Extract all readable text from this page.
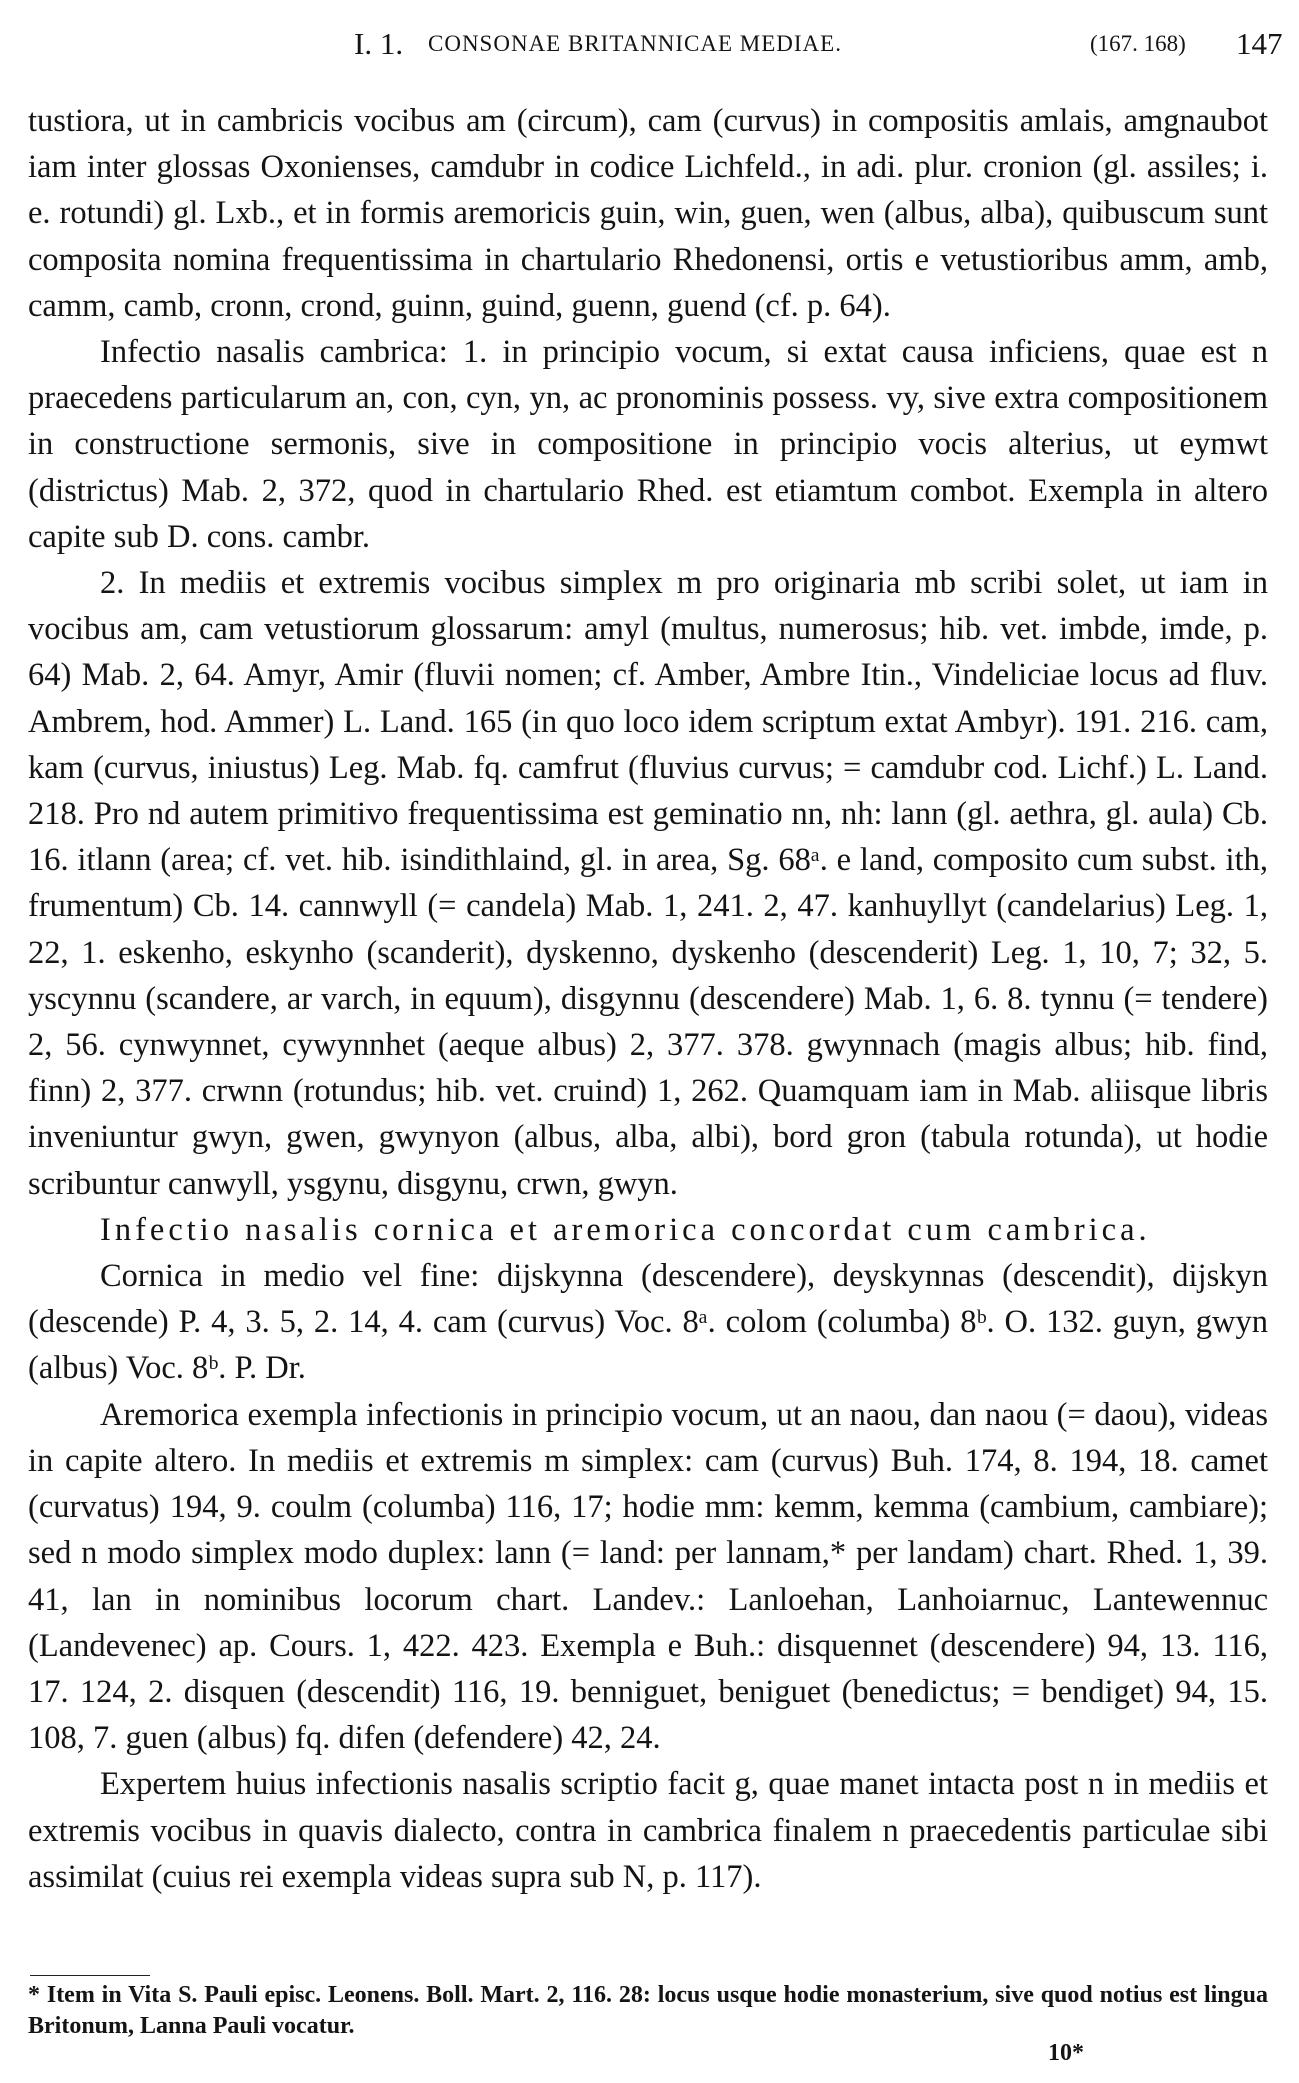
I. 1. CONSONAE BRITANNICAE MEDIAE.	(167. 168) 147

tustiora, ut in cambricis vocibus am (circum), cam (curvus) in compositis amlais, amgnaubot iam inter glossas Oxonienses, camdubr in codice Lichfeld., in adi. plur. cronion (gl. assiles; i. e. rotundi) gl. Lxb., et in formis aremoricis guin, win, guen, wen (albus, alba), quibuscum sunt composita nomina frequentissima in chartulario Rhedonensi, ortis e vetustioribus amm, amb, camm, camb, cronn, crond, guinn, guind, guenn, guend (cf. p. 64).

Infectio nasalis cambrica: 1. in principio vocum, si extat causa inficiens, quae est n praecedens particularum an, con, cyn, yn, ac pronominis possess. vy, sive extra compositionem in constructione sermonis, sive in compositione in principio vocis alterius, ut eymwt (districtus) Mab. 2, 372, quod in chartulario Rhed. est etiamtum combot. Exempla in altero capite sub D. cons. cambr.

2. In mediis et extremis vocibus simplex m pro originaria mb scribi solet, ut iam in vocibus am, cam vetustiorum glossarum: amyl (multus, numerosus; hib. vet. imbde, imde, p. 64) Mab. 2, 64. Amyr, Amir (fluvii nomen; cf. Amber, Ambre Itin., Vindeliciae locus ad fluv. Ambrem, hod. Ammer) L. Land. 165 (in quo loco idem scriptum extat Ambyr). 191. 216. cam, kam (curvus, iniustus) Leg. Mab. fq. camfrut (fluvius curvus; = camdubr cod. Lichf.) L. Land. 218. Pro nd autem primitivo frequentissima est geminatio nn, nh: lann (gl. aethra, gl. aula) Cb. 16. itlann (area; cf. vet. hib. isindithlaind, gl. in area, Sg. 68ᵃ. e land, composito cum subst. ith, frumentum) Cb. 14. cannwyll (= candela) Mab. 1, 241. 2, 47. kanhuyllyt (candelarius) Leg. 1, 22, 1. eskenho, eskynho (scanderit), dyskenno, dyskenho (descenderit) Leg. 1, 10, 7; 32, 5. yscynnu (scandere, ar varch, in equum), disgynnu (descendere) Mab. 1, 6. 8. tynnu (= tendere) 2, 56. cynwynnet, cywynnhet (aeque albus) 2, 377. 378. gwynnach (magis albus; hib. find, finn) 2, 377. crwnn (rotundus; hib. vet. cruind) 1, 262. Quamquam iam in Mab. aliisque libris inveniuntur gwyn, gwen, gwynyon (albus, alba, albi), bord gron (tabula rotunda), ut hodie scribuntur canwyll, ysgynu, disgynu, crwn, gwyn.

Infectio nasalis cornica et aremorica concordat cum cambrica.

Cornica in medio vel fine: dijskynna (descendere), deyskynnas (descendit), dijskyn (descende) P. 4, 3. 5, 2. 14, 4. cam (curvus) Voc. 8ᵃ. colom (columba) 8ᵇ. O. 132. guyn, gwyn (albus) Voc. 8ᵇ. P. Dr.

Aremorica exempla infectionis in principio vocum, ut an naou, dan naou (= daou), videas in capite altero. In mediis et extremis m simplex: cam (curvus) Buh. 174, 8. 194, 18. camet (curvatus) 194, 9. coulm (columba) 116, 17; hodie mm: kemm, kemma (cambium, cambiare); sed n modo simplex modo duplex: lann (= land: per lannam,* per landam) chart. Rhed. 1, 39. 41, lan in nominibus locorum chart. Landev.: Lanloehan, Lanhoiarnuc, Lantewennuc (Landevenec) ap. Cours. 1, 422. 423. Exempla e Buh.: disquennet (descendere) 94, 13. 116, 17. 124, 2. disquen (descendit) 116, 19. benniguet, beniguet (benedictus; = bendiget) 94, 15. 108, 7. guen (albus) fq. difen (defendere) 42, 24.

Expertem huius infectionis nasalis scriptio facit g, quae manet intacta post n in mediis et extremis vocibus in quavis dialecto, contra in cambrica finalem n praecedentis particulae sibi assimilat (cuius rei exempla videas supra sub N, p. 117).

* Item in Vita S. Pauli episc. Leonens. Boll. Mart. 2, 116. 28: locus usque hodie monasterium, sive quod notius est lingua Britonum, Lanna Pauli vocatur.

10*
